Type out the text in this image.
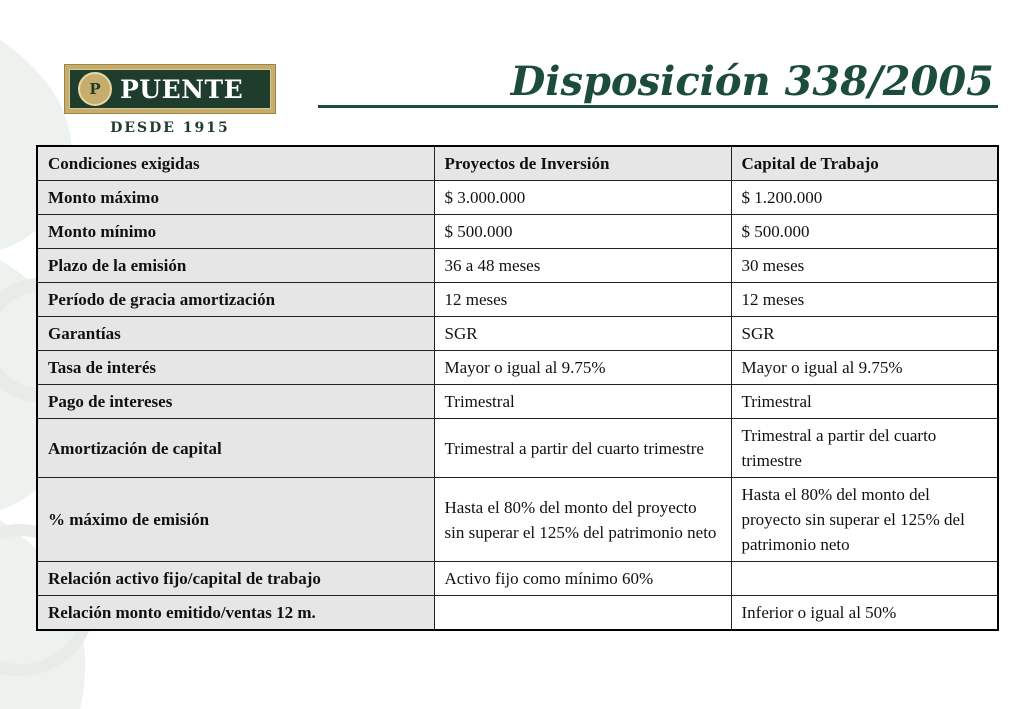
P PUENTE
DESDE 1915
Disposición 338/2005
Condiciones exigidas	Proyectos de Inversión	Capital de Trabajo
Monto máximo	$ 3.000.000	$ 1.200.000
Monto mínimo	$ 500.000	$ 500.000
Plazo de la emisión	36 a 48 meses	30 meses
Período de gracia amortización	12 meses	12 meses
Garantías	SGR	SGR
Tasa de interés	Mayor o igual al 9.75%	Mayor o igual al 9.75%
Pago de intereses	Trimestral	Trimestral
Amortización de capital	Trimestral a partir del cuarto trimestre	Trimestral a partir del cuarto trimestre
% máximo de emisión	Hasta el 80% del monto del proyecto sin superar el 125% del patrimonio neto	Hasta el 80% del monto del proyecto sin superar el 125% del patrimonio neto
Relación activo fijo/capital de trabajo	Activo fijo como mínimo 60%	
Relación monto emitido/ventas 12 m.		Inferior o igual al 50%
